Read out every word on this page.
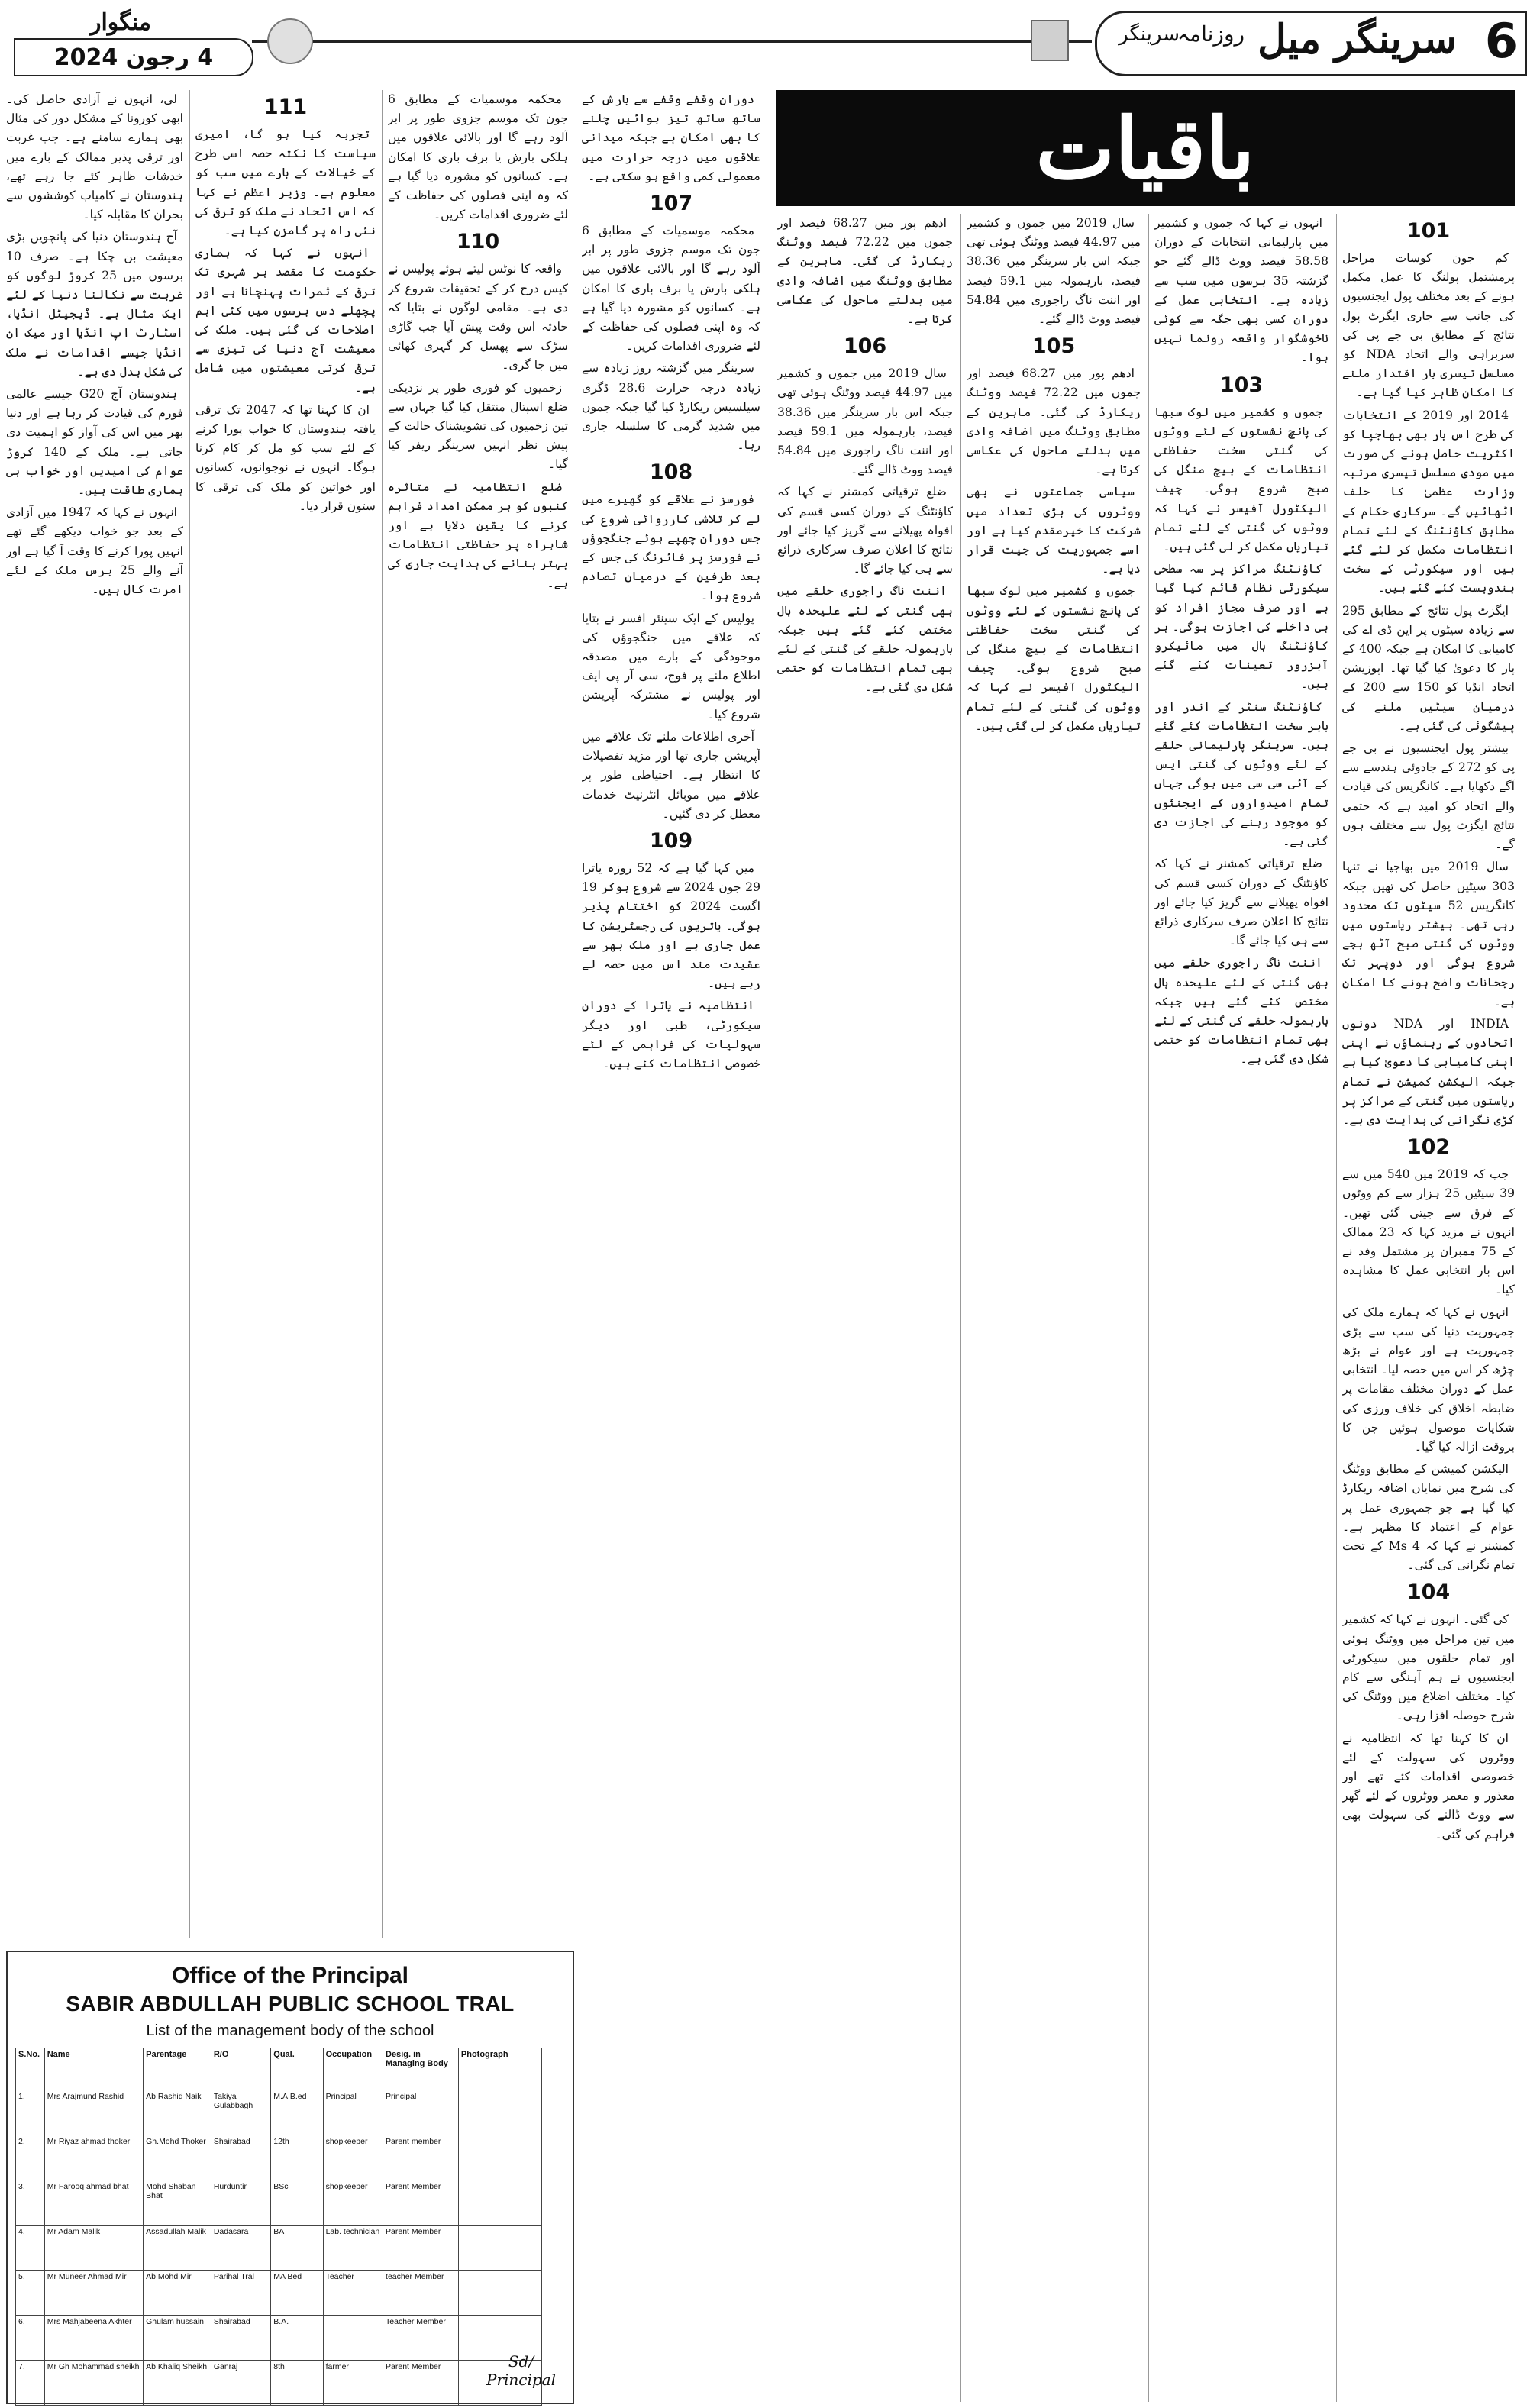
منگوار
4 رجون 2024	6
سرینگر میل
روزنامہ
سرینگر
باقیات
101

کم جون کوسات مراحل پرمشتمل پولنگ کا عمل مکمل ہونے کے بعد مختلف پول ایجنسیوں کی جانب سے جاری ایگزٹ پول نتائج کے مطابق بی جے پی کی سربراہی والے اتحاد NDA کو مسلسل تیسری بار اقتدار ملنے کا امکان ظاہر کیا گیا ہے۔

2014 اور 2019 کے انتخابات کی طرح اس بار بھی بھاجپا کو اکثریت حاصل ہونے کی صورت میں مودی مسلسل تیسری مرتبہ وزارت عظمیٰ کا حلف اٹھائیں گے۔ سرکاری حکام کے مطابق کاؤنٹنگ کے لئے تمام انتظامات مکمل کر لئے گئے ہیں اور سیکورٹی کے سخت بندوبست کئے گئے ہیں۔

ایگزٹ پول نتائج کے مطابق 295 سے زیادہ سیٹوں پر این ڈی اے کی کامیابی کا امکان ہے جبکہ 400 کے پار کا دعویٰ کیا گیا تھا۔ اپوزیشن اتحاد انڈیا کو 150 سے 200 کے درمیان سیٹیں ملنے کی پیشگوئی کی گئی ہے۔

بیشتر پول ایجنسیوں نے بی جے پی کو 272 کے جادوئی ہندسے سے آگے دکھایا ہے۔ کانگریس کی قیادت والے اتحاد کو امید ہے کہ حتمی نتائج ایگزٹ پول سے مختلف ہوں گے۔

سال 2019 میں بھاجپا نے تنہا 303 سیٹیں حاصل کی تھیں جبکہ کانگریس 52 سیٹوں تک محدود رہی تھی۔ بیشتر ریاستوں میں ووٹوں کی گنتی صبح آٹھ بجے شروع ہوگی اور دوپہر تک رجحانات واضح ہونے کا امکان ہے۔

INDIA اور NDA دونوں اتحادوں کے رہنماؤں نے اپنی اپنی کامیابی کا دعویٰ کیا ہے جبکہ الیکشن کمیشن نے تمام ریاستوں میں گنتی کے مراکز پر کڑی نگرانی کی ہدایت دی ہے۔

102

جب کہ 2019 میں 540 میں سے 39 سیٹیں 25 ہزار سے کم ووٹوں کے فرق سے جیتی گئی تھیں۔ انہوں نے مزید کہا کہ 23 ممالک کے 75 ممبران پر مشتمل وفد نے اس بار انتخابی عمل کا مشاہدہ کیا۔

انہوں نے کہا کہ ہمارے ملک کی جمہوریت دنیا کی سب سے بڑی جمہوریت ہے اور عوام نے بڑھ چڑھ کر اس میں حصہ لیا۔ انتخابی عمل کے دوران مختلف مقامات پر ضابطہ اخلاق کی خلاف ورزی کی شکایات موصول ہوئیں جن کا بروقت ازالہ کیا گیا۔

الیکشن کمیشن کے مطابق ووٹنگ کی شرح میں نمایاں اضافہ ریکارڈ کیا گیا ہے جو جمہوری عمل پر عوام کے اعتماد کا مظہر ہے۔ کمشنر نے کہا کہ Ms 4 کے تحت تمام نگرانی کی گئی۔

104

کی گئی۔ انہوں نے کہا کہ کشمیر میں تین مراحل میں ووٹنگ ہوئی اور تمام حلقوں میں سیکورٹی ایجنسیوں نے ہم آہنگی سے کام کیا۔ مختلف اضلاع میں ووٹنگ کی شرح حوصلہ افزا رہی۔

ان کا کہنا تھا کہ انتظامیہ نے ووٹروں کی سہولت کے لئے خصوصی اقدامات کئے تھے اور معذور و معمر ووٹروں کے لئے گھر سے ووٹ ڈالنے کی سہولت بھی فراہم کی گئی۔

انہوں نے کہا کہ جموں و کشمیر میں پارلیمانی انتخابات کے دوران 58.58 فیصد ووٹ ڈالے گئے جو گزشتہ 35 برسوں میں سب سے زیادہ ہے۔ انتخابی عمل کے دوران کسی بھی جگہ سے کوئی ناخوشگوار واقعہ رونما نہیں ہوا۔

103

جموں و کشمیر میں لوک سبھا کی پانچ نشستوں کے لئے ووٹوں کی گنتی سخت حفاظتی انتظامات کے بیچ منگل کی صبح شروع ہوگی۔ چیف الیکٹورل آفیسر نے کہا کہ ووٹوں کی گنتی کے لئے تمام تیاریاں مکمل کر لی گئی ہیں۔

کاؤنٹنگ مراکز پر سہ سطحی سیکورٹی نظام قائم کیا گیا ہے اور صرف مجاز افراد کو ہی داخلے کی اجازت ہوگی۔ ہر کاؤنٹنگ ہال میں مائیکرو آبزرور تعینات کئے گئے ہیں۔

کاؤنٹنگ سنٹر کے اندر اور باہر سخت انتظامات کئے گئے ہیں۔ سرینگر پارلیمانی حلقے کے لئے ووٹوں کی گنتی ایس کے آئی سی سی میں ہوگی جہاں تمام امیدواروں کے ایجنٹوں کو موجود رہنے کی اجازت دی گئی ہے۔

ضلع ترقیاتی کمشنر نے کہا کہ کاؤنٹنگ کے دوران کسی قسم کی افواہ پھیلانے سے گریز کیا جائے اور نتائج کا اعلان صرف سرکاری ذرائع سے ہی کیا جائے گا۔

اننت ناگ راجوری حلقے میں بھی گنتی کے لئے علیحدہ ہال مختص کئے گئے ہیں جبکہ بارہمولہ حلقے کی گنتی کے لئے بھی تمام انتظامات کو حتمی شکل دی گئی ہے۔

سال 2019 میں جموں و کشمیر میں 44.97 فیصد ووٹنگ ہوئی تھی جبکہ اس بار سرینگر میں 38.36 فیصد، بارہمولہ میں 59.1 فیصد اور اننت ناگ راجوری میں 54.84 فیصد ووٹ ڈالے گئے۔

105

ادھم پور میں 68.27 فیصد اور جموں میں 72.22 فیصد ووٹنگ ریکارڈ کی گئی۔ ماہرین کے مطابق ووٹنگ میں اضافہ وادی میں بدلتے ماحول کی عکاسی کرتا ہے۔

سیاسی جماعتوں نے بھی ووٹروں کی بڑی تعداد میں شرکت کا خیرمقدم کیا ہے اور اسے جمہوریت کی جیت قرار دیا ہے۔

جموں و کشمیر میں لوک سبھا کی پانچ نشستوں کے لئے ووٹوں کی گنتی سخت حفاظتی انتظامات کے بیچ منگل کی صبح شروع ہوگی۔ چیف الیکٹورل آفیسر نے کہا کہ ووٹوں کی گنتی کے لئے تمام تیاریاں مکمل کر لی گئی ہیں۔

ادھم پور میں 68.27 فیصد اور جموں میں 72.22 فیصد ووٹنگ ریکارڈ کی گئی۔ ماہرین کے مطابق ووٹنگ میں اضافہ وادی میں بدلتے ماحول کی عکاسی کرتا ہے۔

106

سال 2019 میں جموں و کشمیر میں 44.97 فیصد ووٹنگ ہوئی تھی جبکہ اس بار سرینگر میں 38.36 فیصد، بارہمولہ میں 59.1 فیصد اور اننت ناگ راجوری میں 54.84 فیصد ووٹ ڈالے گئے۔

ضلع ترقیاتی کمشنر نے کہا کہ کاؤنٹنگ کے دوران کسی قسم کی افواہ پھیلانے سے گریز کیا جائے اور نتائج کا اعلان صرف سرکاری ذرائع سے ہی کیا جائے گا۔

اننت ناگ راجوری حلقے میں بھی گنتی کے لئے علیحدہ ہال مختص کئے گئے ہیں جبکہ بارہمولہ حلقے کی گنتی کے لئے بھی تمام انتظامات کو حتمی شکل دی گئی ہے۔

دوران وقفے وقفے سے بارش کے ساتھ ساتھ تیز ہوائیں چلنے کا بھی امکان ہے جبکہ میدانی علاقوں میں درجہ حرارت میں معمولی کمی واقع ہو سکتی ہے۔

107

محکمہ موسمیات کے مطابق 6 جون تک موسم جزوی طور پر ابر آلود رہے گا اور بالائی علاقوں میں ہلکی بارش یا برف باری کا امکان ہے۔ کسانوں کو مشورہ دیا گیا ہے کہ وہ اپنی فصلوں کی حفاظت کے لئے ضروری اقدامات کریں۔

سرینگر میں گزشتہ روز زیادہ سے زیادہ درجہ حرارت 28.6 ڈگری سیلسیس ریکارڈ کیا گیا جبکہ جموں میں شدید گرمی کا سلسلہ جاری رہا۔

108

فورسز نے علاقے کو گھیرے میں لے کر تلاشی کارروائی شروع کی جس دوران چھپے ہوئے جنگجوؤں نے فورسز پر فائرنگ کی جس کے بعد طرفین کے درمیان تصادم شروع ہوا۔

پولیس کے ایک سینئر افسر نے بتایا کہ علاقے میں جنگجوؤں کی موجودگی کے بارے میں مصدقہ اطلاع ملنے پر فوج، سی آر پی ایف اور پولیس نے مشترکہ آپریشن شروع کیا۔

آخری اطلاعات ملنے تک علاقے میں آپریشن جاری تھا اور مزید تفصیلات کا انتظار ہے۔ احتیاطی طور پر علاقے میں موبائل انٹرنیٹ خدمات معطل کر دی گئیں۔

109

میں کہا گیا ہے کہ 52 روزہ یاترا 29 جون 2024 سے شروع ہوکر 19 اگست 2024 کو اختتام پذیر ہوگی۔ یاتریوں کی رجسٹریشن کا عمل جاری ہے اور ملک بھر سے عقیدت مند اس میں حصہ لے رہے ہیں۔

انتظامیہ نے یاترا کے دوران سیکورٹی، طبی اور دیگر سہولیات کی فراہمی کے لئے خصوصی انتظامات کئے ہیں۔

محکمہ موسمیات کے مطابق 6 جون تک موسم جزوی طور پر ابر آلود رہے گا اور بالائی علاقوں میں ہلکی بارش یا برف باری کا امکان ہے۔ کسانوں کو مشورہ دیا گیا ہے کہ وہ اپنی فصلوں کی حفاظت کے لئے ضروری اقدامات کریں۔

110

واقعہ کا نوٹس لیتے ہوئے پولیس نے کیس درج کر کے تحقیقات شروع کر دی ہے۔ مقامی لوگوں نے بتایا کہ حادثہ اس وقت پیش آیا جب گاڑی سڑک سے پھسل کر گہری کھائی میں جا گری۔

زخمیوں کو فوری طور پر نزدیکی ضلع اسپتال منتقل کیا گیا جہاں سے تین زخمیوں کی تشویشناک حالت کے پیش نظر انہیں سرینگر ریفر کیا گیا۔

ضلع انتظامیہ نے متاثرہ کنبوں کو ہر ممکن امداد فراہم کرنے کا یقین دلایا ہے اور شاہراہ پر حفاظتی انتظامات بہتر بنانے کی ہدایت جاری کی ہے۔

111

تجربہ کیا ہو گا، امیری سیاست کا نکتہ حصہ اسی طرح کے خیالات کے بارے میں سب کو معلوم ہے۔ وزیر اعظم نے کہا کہ اس اتحاد نے ملک کو ترقی کی نئی راہ پر گامزن کیا ہے۔

انہوں نے کہا کہ ہماری حکومت کا مقصد ہر شہری تک ترقی کے ثمرات پہنچانا ہے اور پچھلے دس برسوں میں کئی اہم اصلاحات کی گئی ہیں۔ ملک کی معیشت آج دنیا کی تیزی سے ترقی کرتی معیشتوں میں شامل ہے۔

ان کا کہنا تھا کہ 2047 تک ترقی یافتہ ہندوستان کا خواب پورا کرنے کے لئے سب کو مل کر کام کرنا ہوگا۔ انہوں نے نوجوانوں، کسانوں اور خواتین کو ملک کی ترقی کا ستون قرار دیا۔

لی، انہوں نے آزادی حاصل کی۔ ابھی کورونا کے مشکل دور کی مثال بھی ہمارے سامنے ہے۔ جب غربت اور ترقی پذیر ممالک کے بارے میں خدشات ظاہر کئے جا رہے تھے، ہندوستان نے کامیاب کوششوں سے بحران کا مقابلہ کیا۔

آج ہندوستان دنیا کی پانچویں بڑی معیشت بن چکا ہے۔ صرف 10 برسوں میں 25 کروڑ لوگوں کو غربت سے نکالنا دنیا کے لئے ایک مثال ہے۔ ڈیجیٹل انڈیا، اسٹارٹ اپ انڈیا اور میک ان انڈیا جیسے اقدامات نے ملک کی شکل بدل دی ہے۔

ہندوستان آج G20 جیسے عالمی فورم کی قیادت کر رہا ہے اور دنیا بھر میں اس کی آواز کو اہمیت دی جاتی ہے۔ ملک کے 140 کروڑ عوام کی امیدیں اور خواب ہی ہماری طاقت ہیں۔

انہوں نے کہا کہ 1947 میں آزادی کے بعد جو خواب دیکھے گئے تھے انہیں پورا کرنے کا وقت آ گیا ہے اور آنے والے 25 برس ملک کے لئے امرت کال ہیں۔

Office of the Principal
SABIR ABDULLAH PUBLIC SCHOOL TRAL
List of the management body of the school
S.No.	Name	Parentage	R/O	Qual.	Occupation	Desig. in Managing Body	Photograph
1.	Mrs Arajmund Rashid	Ab Rashid Naik	Takiya Gulabbagh	M.A,B.ed	Principal	Principal	
2.	Mr Riyaz ahmad thoker	Gh.Mohd Thoker	Shairabad	12th	shopkeeper	Parent member	
3.	Mr Farooq ahmad bhat	Mohd Shaban Bhat	Hurduntir	BSc	shopkeeper	Parent Member	
4.	Mr Adam Malik	Assadullah Malik	Dadasara	BA	Lab. technician	Parent Member	
5.	Mr Muneer Ahmad Mir	Ab Mohd Mir	Parihal Tral	MA Bed	Teacher	teacher Member	
6.	Mrs Mahjabeena Akhter	Ghulam hussain	Shairabad	B.A.		Teacher Member	
7.	Mr Gh Mohammad sheikh	Ab Khaliq Sheikh	Ganraj	8th	farmer	Parent Member		Sd/
Principal
